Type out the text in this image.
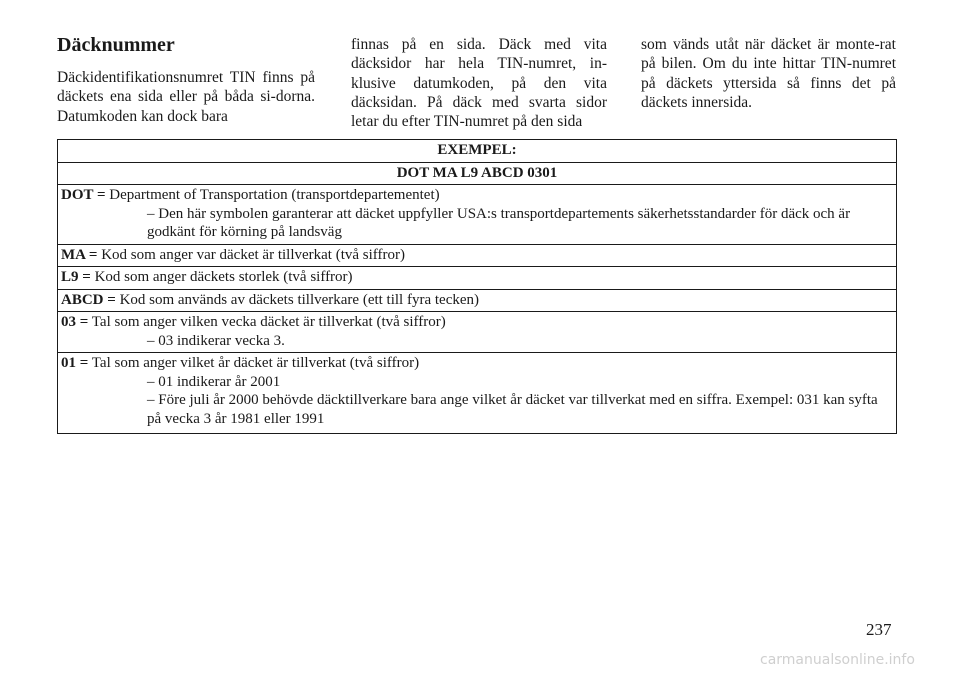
Däcknummer

Däckidentifikationsnumret TIN finns på däckets ena sida eller på båda si-dorna. Datumkoden kan dock bara

finnas på en sida. Däck med vita däcksidor har hela TIN-numret, in-klusive datumkoden, på den vita däcksidan. På däck med svarta sidor letar du efter TIN-numret på den sida

som vänds utåt när däcket är monte-rat på bilen. Om du inte hittar TIN-numret på däckets yttersida så finns det på däckets innersida.

EXEMPEL:
DOT MA L9 ABCD 0301
DOT = Department of Transportation (transportdepartementet)
– Den här symbolen garanterar att däcket uppfyller USA:s transportdepartements säkerhetsstandarder för däck och är godkänt för körning på landsväg
MA = Kod som anger var däcket är tillverkat (två siffror)
L9 = Kod som anger däckets storlek (två siffror)
ABCD = Kod som används av däckets tillverkare (ett till fyra tecken)
03 = Tal som anger vilken vecka däcket är tillverkat (två siffror)
– 03 indikerar vecka 3.
01 = Tal som anger vilket år däcket är tillverkat (två siffror)
– 01 indikerar år 2001
– Före juli år 2000 behövde däcktillverkare bara ange vilket år däcket var tillverkat med en siffra. Exempel: 031 kan syfta på vecka 3 år 1981 eller 1991
237
carmanualsonline.info
